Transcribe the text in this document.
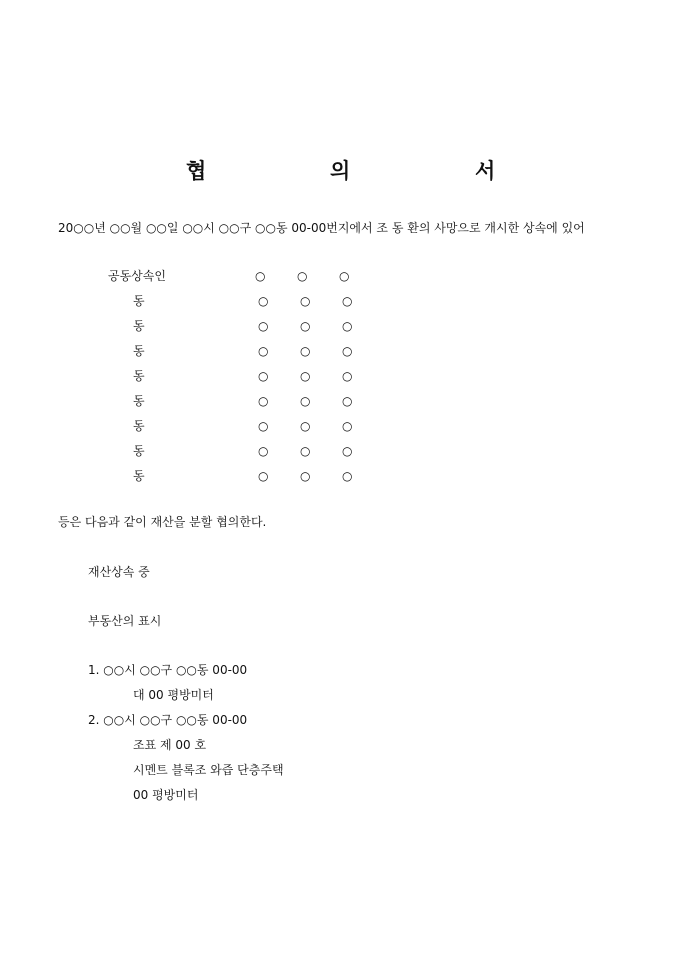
협	의	서
20○○년 ○○월 ○○일 ○○시 ○○구 ○○동 00-00번지에서 조 동 환의 사망으로 개시한 상속에 있어
공동상속인	○	○	○
동	○	○	○
동	○	○	○
동	○	○	○
동	○	○	○
동	○	○	○
동	○	○	○
동	○	○	○
동	○	○	○
등은 다음과 같이 재산을 분할 협의한다.
재산상속 중
부동산의 표시
1. ○○시 ○○구 ○○동 00-00
대 00 평방미터
2. ○○시 ○○구 ○○동 00-00
조표 제 00 호
시멘트 블록조 와즙 단층주택
00 평방미터
